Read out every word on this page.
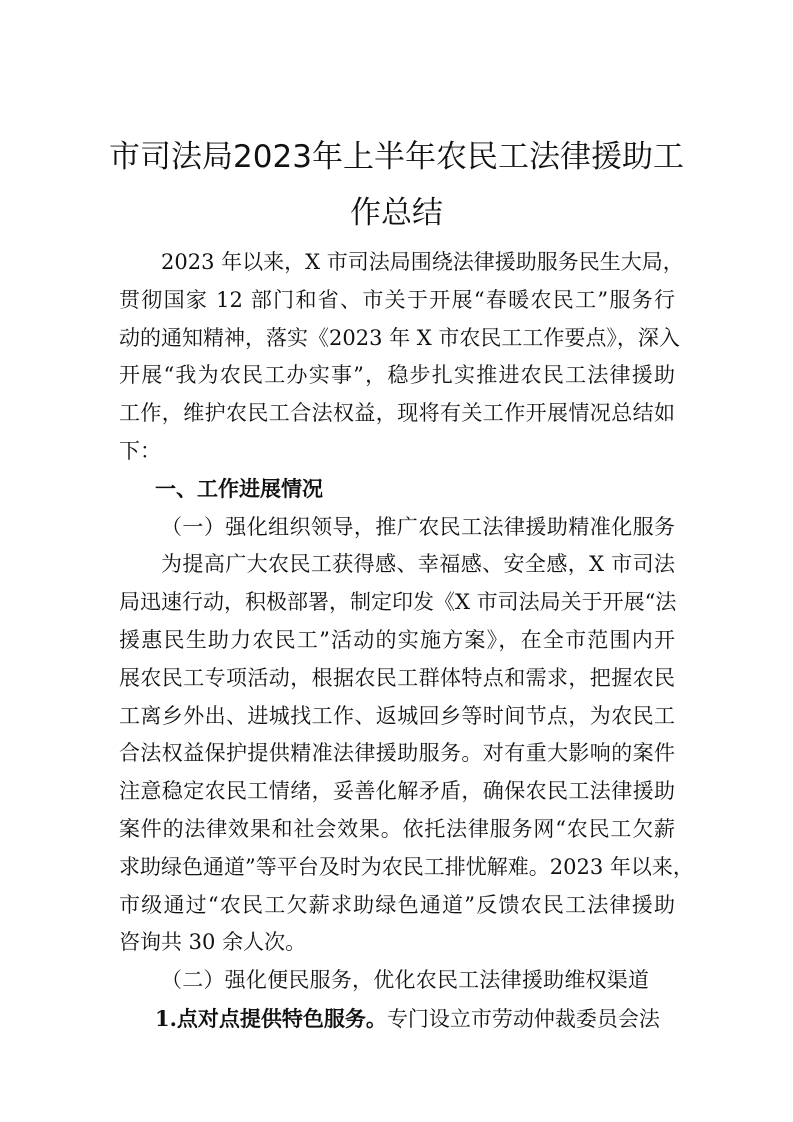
市司法局2023年上半年农民工法律援助工
作总结
2023 年以来，X 市司法局围绕法律援助服务民生大局，
贯彻国家 12 部门和省、市关于开展“春暖农民工”服务行
动的通知精神，落实《2023 年 X 市农民工工作要点》，深入
开展“我为农民工办实事”，稳步扎实推进农民工法律援助
工作，维护农民工合法权益，现将有关工作开展情况总结如
下：
一、工作进展情况
（一）强化组织领导，推广农民工法律援助精准化服务
为提高广大农民工获得感、幸福感、安全感，X 市司法
局迅速行动，积极部署，制定印发《X 市司法局关于开展“法
援惠民生助力农民工”活动的实施方案》，在全市范围内开
展农民工专项活动，根据农民工群体特点和需求，把握农民
工离乡外出、进城找工作、返城回乡等时间节点，为农民工
合法权益保护提供精准法律援助服务。对有重大影响的案件
注意稳定农民工情绪，妥善化解矛盾，确保农民工法律援助
案件的法律效果和社会效果。依托法律服务网“农民工欠薪
求助绿色通道”等平台及时为农民工排忧解难。2023 年以来，
市级通过“农民工欠薪求助绿色通道”反馈农民工法律援助
咨询共 30 余人次。
（二）强化便民服务，优化农民工法律援助维权渠道
1.点对点提供特色服务。专门设立市劳动仲裁委员会法
